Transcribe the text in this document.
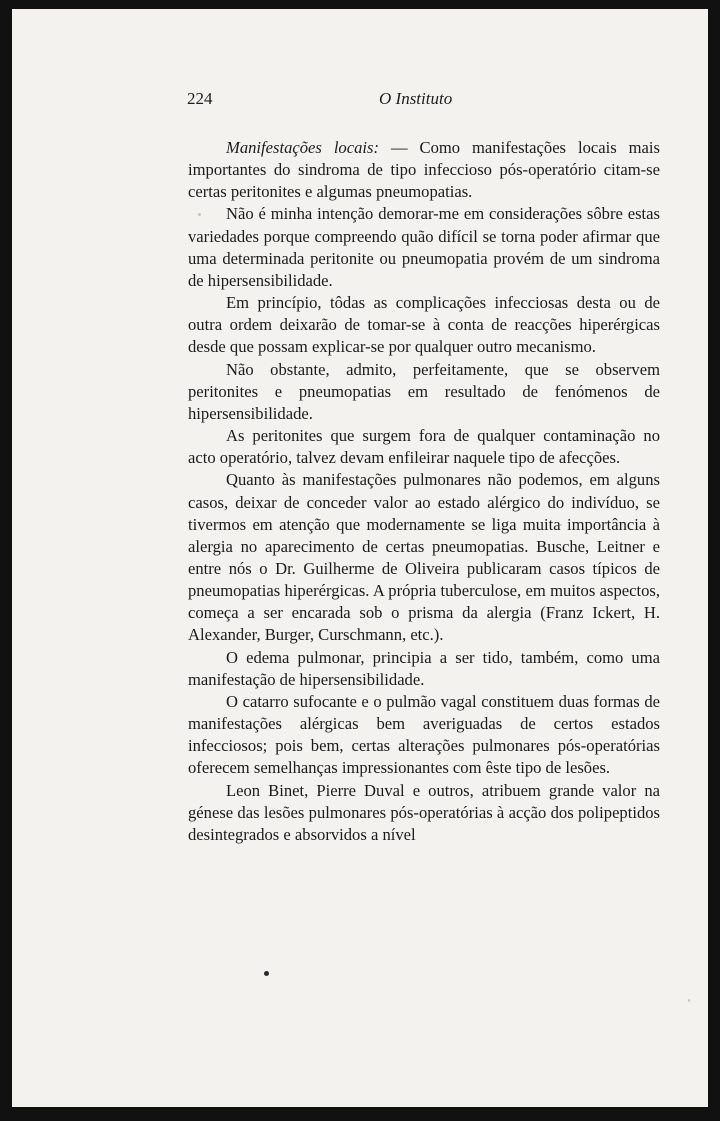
224	O Instituto

Manifestações locais: — Como manifestações locais mais importantes do sindroma de tipo infeccioso pós-operatório citam-se certas peritonites e algumas pneumopatias.

Não é minha intenção demorar-me em considerações sôbre estas variedades porque compreendo quão difícil se torna poder afirmar que uma determinada peritonite ou pneumopatia provém de um sindroma de hipersensibilidade.

Em princípio, tôdas as complicações infecciosas desta ou de outra ordem deixarão de tomar-se à conta de reacções hiperérgicas desde que possam explicar-se por qualquer outro mecanismo.

Não obstante, admito, perfeitamente, que se observem peritonites e pneumopatias em resultado de fenómenos de hipersensibilidade.

As peritonites que surgem fora de qualquer contaminação no acto operatório, talvez devam enfileirar naquele tipo de afecções.

Quanto às manifestações pulmonares não podemos, em alguns casos, deixar de conceder valor ao estado alérgico do indivíduo, se tivermos em atenção que modernamente se liga muita importância à alergia no aparecimento de certas pneumopatias. Busche, Leitner e entre nós o Dr. Guilherme de Oliveira publicaram casos típicos de pneumopatias hiperérgicas. A própria tuberculose, em muitos aspectos, começa a ser encarada sob o prisma da alergia (Franz Ickert, H. Alexander, Burger, Curschmann, etc.).

O edema pulmonar, principia a ser tido, também, como uma manifestação de hipersensibilidade.

O catarro sufocante e o pulmão vagal constituem duas formas de manifestações alérgicas bem averiguadas de certos estados infecciosos; pois bem, certas alterações pulmonares pós-operatórias oferecem semelhanças impressionantes com êste tipo de lesões.

Leon Binet, Pierre Duval e outros, atribuem grande valor na génese das lesões pulmonares pós-operatórias à acção dos polipeptidos desintegrados e absorvidos a nível
